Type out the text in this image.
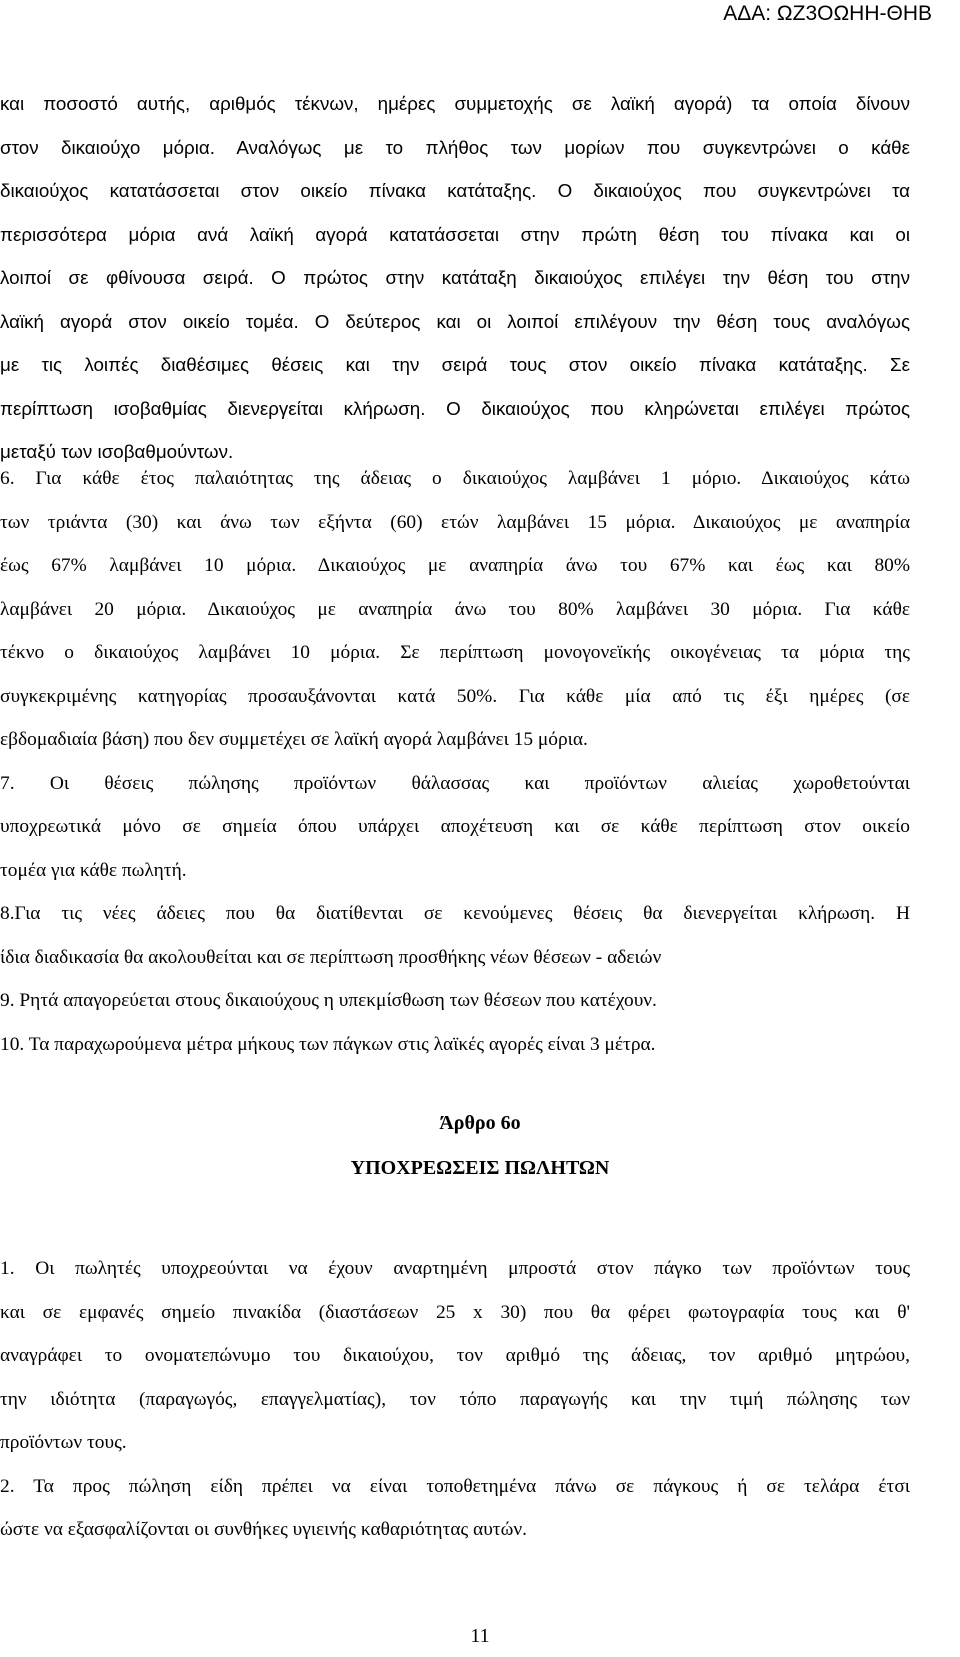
ΑΔΑ: ΩΖ3ΟΩΗΗ-ΘΗΒ
και ποσοστό αυτής, αριθμός τέκνων, ημέρες συμμετοχής σε λαϊκή αγορά) τα οποία δίνουν
στον δικαιούχο μόρια. Αναλόγως με το πλήθος των μορίων που συγκεντρώνει ο κάθε
δικαιούχος κατατάσσεται στον οικείο πίνακα κατάταξης. Ο δικαιούχος που συγκεντρώνει τα
περισσότερα μόρια ανά λαϊκή αγορά κατατάσσεται στην πρώτη θέση του πίνακα και οι
λοιποί σε φθίνουσα σειρά. Ο πρώτος στην κατάταξη δικαιούχος επιλέγει την θέση του στην
λαϊκή αγορά στον οικείο τομέα. Ο δεύτερος και οι λοιποί επιλέγουν την θέση τους αναλόγως
με τις λοιπές διαθέσιμες θέσεις και την σειρά τους στον οικείο πίνακα κατάταξης. Σε
περίπτωση ισοβαθμίας διενεργείται κλήρωση. Ο δικαιούχος που κληρώνεται επιλέγει πρώτος
μεταξύ των ισοβαθμούντων.
6. Για κάθε έτος παλαιότητας της άδειας ο δικαιούχος λαμβάνει 1 μόριο. Δικαιούχος κάτω
των τριάντα (30) και άνω των εξήντα (60) ετών λαμβάνει 15 μόρια. Δικαιούχος με αναπηρία
έως 67% λαμβάνει 10 μόρια. Δικαιούχος με αναπηρία άνω του 67% και έως και 80%
λαμβάνει 20 μόρια. Δικαιούχος με αναπηρία άνω του 80% λαμβάνει 30 μόρια. Για κάθε
τέκνο ο δικαιούχος λαμβάνει 10 μόρια. Σε περίπτωση μονογονεϊκής οικογένειας τα μόρια της
συγκεκριμένης κατηγορίας προσαυξάνονται κατά 50%. Για κάθε μία από τις έξι ημέρες (σε
εβδομαδιαία βάση) που δεν συμμετέχει σε λαϊκή αγορά λαμβάνει 15 μόρια.
7. Οι θέσεις πώλησης προϊόντων θάλασσας και προϊόντων αλιείας χωροθετούνται
υποχρεωτικά μόνο σε σημεία όπου υπάρχει αποχέτευση και σε κάθε περίπτωση στον οικείο
τομέα για κάθε πωλητή.
8.Για τις νέες άδειες που θα διατίθενται σε κενούμενες θέσεις θα διενεργείται κλήρωση. Η
ίδια διαδικασία θα ακολουθείται και σε περίπτωση προσθήκης νέων θέσεων - αδειών
9. Ρητά απαγορεύεται στους δικαιούχους η υπεκμίσθωση των θέσεων που κατέχουν.
10. Τα παραχωρούμενα μέτρα μήκους των πάγκων στις λαϊκές αγορές είναι 3 μέτρα.
Άρθρο 6ο
ΥΠΟΧΡΕΩΣΕΙΣ ΠΩΛΗΤΩΝ
1. Οι πωλητές υποχρεούνται να έχουν αναρτημένη μπροστά στον πάγκο των προϊόντων τους
και σε εμφανές σημείο πινακίδα (διαστάσεων 25 x 30) που θα φέρει φωτογραφία τους και θ'
αναγράφει το ονοματεπώνυμο του δικαιούχου, τον αριθμό της άδειας, τον αριθμό μητρώου,
την ιδιότητα (παραγωγός, επαγγελματίας), τον τόπο παραγωγής και την τιμή πώλησης των
προϊόντων τους.
2. Τα προς πώληση είδη πρέπει να είναι τοποθετημένα πάνω σε πάγκους ή σε τελάρα έτσι
ώστε να εξασφαλίζονται οι συνθήκες υγιεινής καθαριότητας αυτών.
11
